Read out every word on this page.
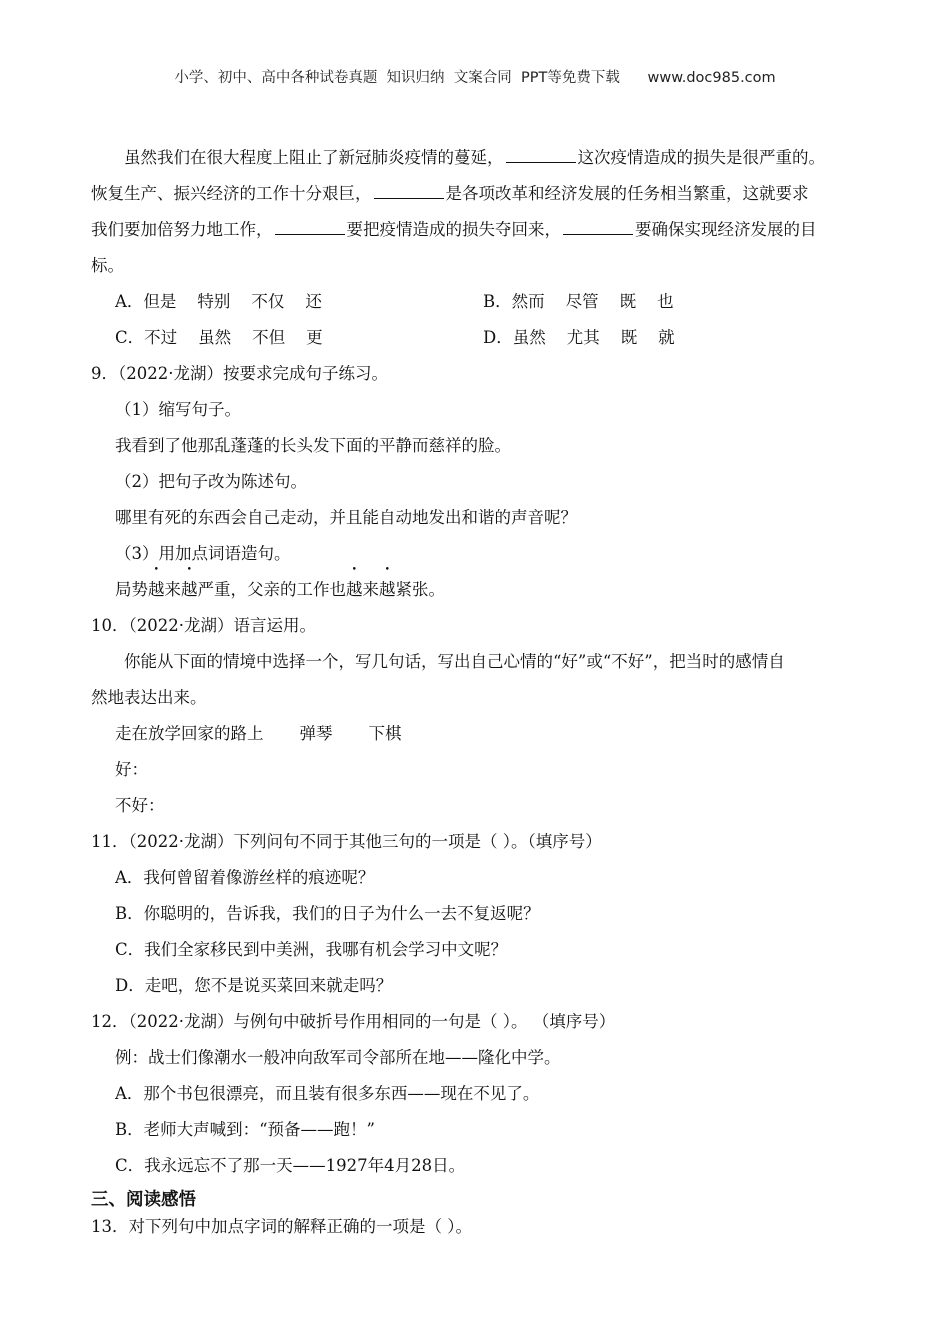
小学、初中、高中各种试卷真题  知识归纳  文案合同  PPT等免费下载      www.doc985.com
虽然我们在很大程度上阻止了新冠肺炎疫情的蔓延，	这次疫情造成的损失是很严重的。
恢复生产、振兴经济的工作十分艰巨，	是各项改革和经济发展的任务相当繁重，这就要求
我们要加倍努力地工作，	要把疫情造成的损失夺回来，	要确保实现经济发展的目
标。
A．但是    特别    不仅    还	B．然而    尽管    既    也
C．不过    虽然    不但    更	D．虽然    尤其    既    就
9．（2022·龙湖）按要求完成句子练习。
（1）缩写句子。
我看到了他那乱蓬蓬的长头发下面的平静而慈祥的脸。
（2）把句子改为陈述句。
哪里有死的东西会自己走动，并且能自动地发出和谐的声音呢？
（3）用加点词语造句。
局势越来越严重，父亲的工作也越来越紧张。
10．（2022·龙湖）语言运用。
你能从下面的情境中选择一个，写几句话，写出自己心情的“好”或“不好”，把当时的感情自
然地表达出来。
走在放学回家的路上 弹琴 下棋
好：
不好：
11．（2022·龙湖）下列问句不同于其他三句的一项是（ ）。（填序号）
A．我何曾留着像游丝样的痕迹呢？
B．你聪明的，告诉我，我们的日子为什么一去不复返呢？
C．我们全家移民到中美洲，我哪有机会学习中文呢？
D．走吧，您不是说买菜回来就走吗？
12．（2022·龙湖）与例句中破折号作用相同的一句是（ ）。 （填序号）
例：战士们像潮水一般冲向敌军司令部所在地——隆化中学。
A．那个书包很漂亮，而且装有很多东西——现在不见了。
B．老师大声喊到：“预备——跑！”
C．我永远忘不了那一天——1927年4月28日。
三、阅读感悟
13．对下列句中加点字词的解释正确的一项是（ ）。
